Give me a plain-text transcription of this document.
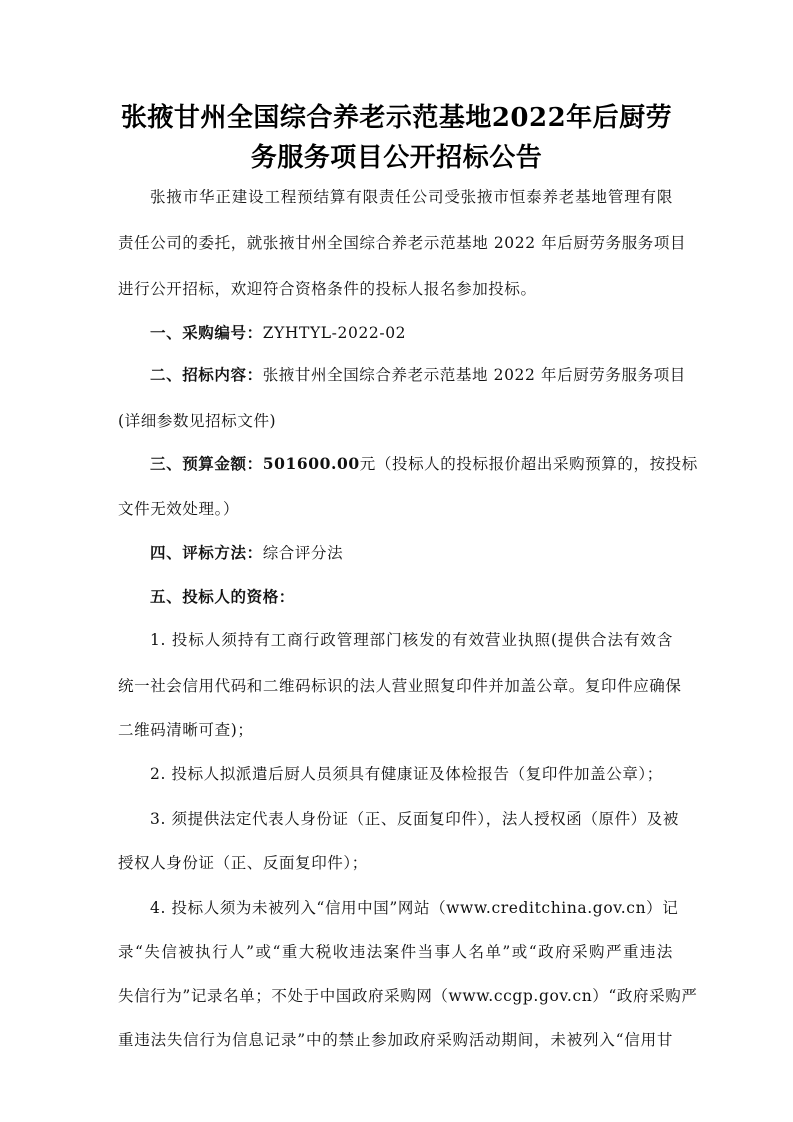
张掖甘州全国综合养老示范基地2022年后厨劳
务服务项目公开招标公告
张掖市华正建设工程预结算有限责任公司受张掖市恒泰养老基地管理有限
责任公司的委托，就张掖甘州全国综合养老示范基地 2022 年后厨劳务服务项目
进行公开招标，欢迎符合资格条件的投标人报名参加投标。
一、采购编号：ZYHTYL-2022-02
二、招标内容：张掖甘州全国综合养老示范基地 2022 年后厨劳务服务项目
(详细参数见招标文件)
三、预算金额：501600.00元（投标人的投标报价超出采购预算的，按投标
文件无效处理。）
四、评标方法：综合评分法
五、投标人的资格：
1. 投标人须持有工商行政管理部门核发的有效营业执照(提供合法有效含
统一社会信用代码和二维码标识的法人营业照复印件并加盖公章。复印件应确保
二维码清晰可查)；
2. 投标人拟派遣后厨人员须具有健康证及体检报告（复印件加盖公章）；
3. 须提供法定代表人身份证（正、反面复印件），法人授权函（原件）及被
授权人身份证（正、反面复印件）；
4. 投标人须为未被列入“信用中国”网站（www.creditchina.gov.cn）记
录“失信被执行人”或“重大税收违法案件当事人名单”或“政府采购严重违法
失信行为”记录名单；不处于中国政府采购网（www.ccgp.gov.cn）“政府采购严
重违法失信行为信息记录”中的禁止参加政府采购活动期间，未被列入“信用甘
